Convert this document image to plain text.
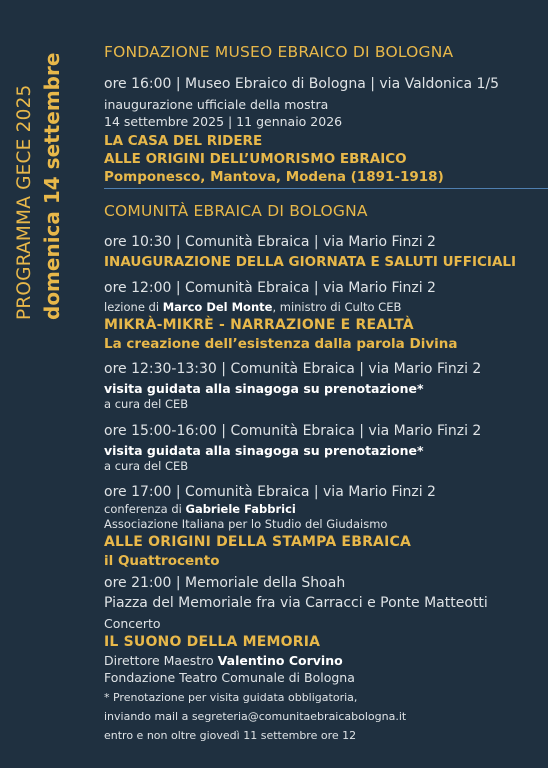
PROGRAMMA GECE 2025 domenica 14 settembre
FONDAZIONE MUSEO EBRAICO DI BOLOGNA
ore 16:00 | Museo Ebraico di Bologna | via Valdonica 1/5
inaugurazione ufficiale della mostra
14 settembre 2025 | 11 gennaio 2026
LA CASA DEL RIDERE
ALLE ORIGINI DELL’UMORISMO EBRAICO
Pomponesco, Mantova, Modena (1891-1918)
COMUNITÀ EBRAICA DI BOLOGNA
ore 10:30 | Comunità Ebraica | via Mario Finzi 2
INAUGURAZIONE DELLA GIORNATA E SALUTI UFFICIALI
ore 12:00 | Comunità Ebraica | via Mario Finzi 2
lezione di Marco Del Monte, ministro di Culto CEB
MIKRÀ-MIKRÈ - NARRAZIONE E REALTÀ
La creazione dell’esistenza dalla parola Divina
ore 12:30-13:30 | Comunità Ebraica | via Mario Finzi 2
visita guidata alla sinagoga su prenotazione*
a cura del CEB
ore 15:00-16:00 | Comunità Ebraica | via Mario Finzi 2
visita guidata alla sinagoga su prenotazione*
a cura del CEB
ore 17:00 | Comunità Ebraica | via Mario Finzi 2
conferenza di Gabriele Fabbrici
Associazione Italiana per lo Studio del Giudaismo
ALLE ORIGINI DELLA STAMPA EBRAICA
il Quattrocento
ore 21:00 | Memoriale della Shoah
Piazza del Memoriale fra via Carracci e Ponte Matteotti
Concerto
IL SUONO DELLA MEMORIA
Direttore Maestro Valentino Corvino
Fondazione Teatro Comunale di Bologna
* Prenotazione per visita guidata obbligatoria,
inviando mail a segreteria@comunitaebraicabologna.it
entro e non oltre giovedì 11 settembre ore 12
